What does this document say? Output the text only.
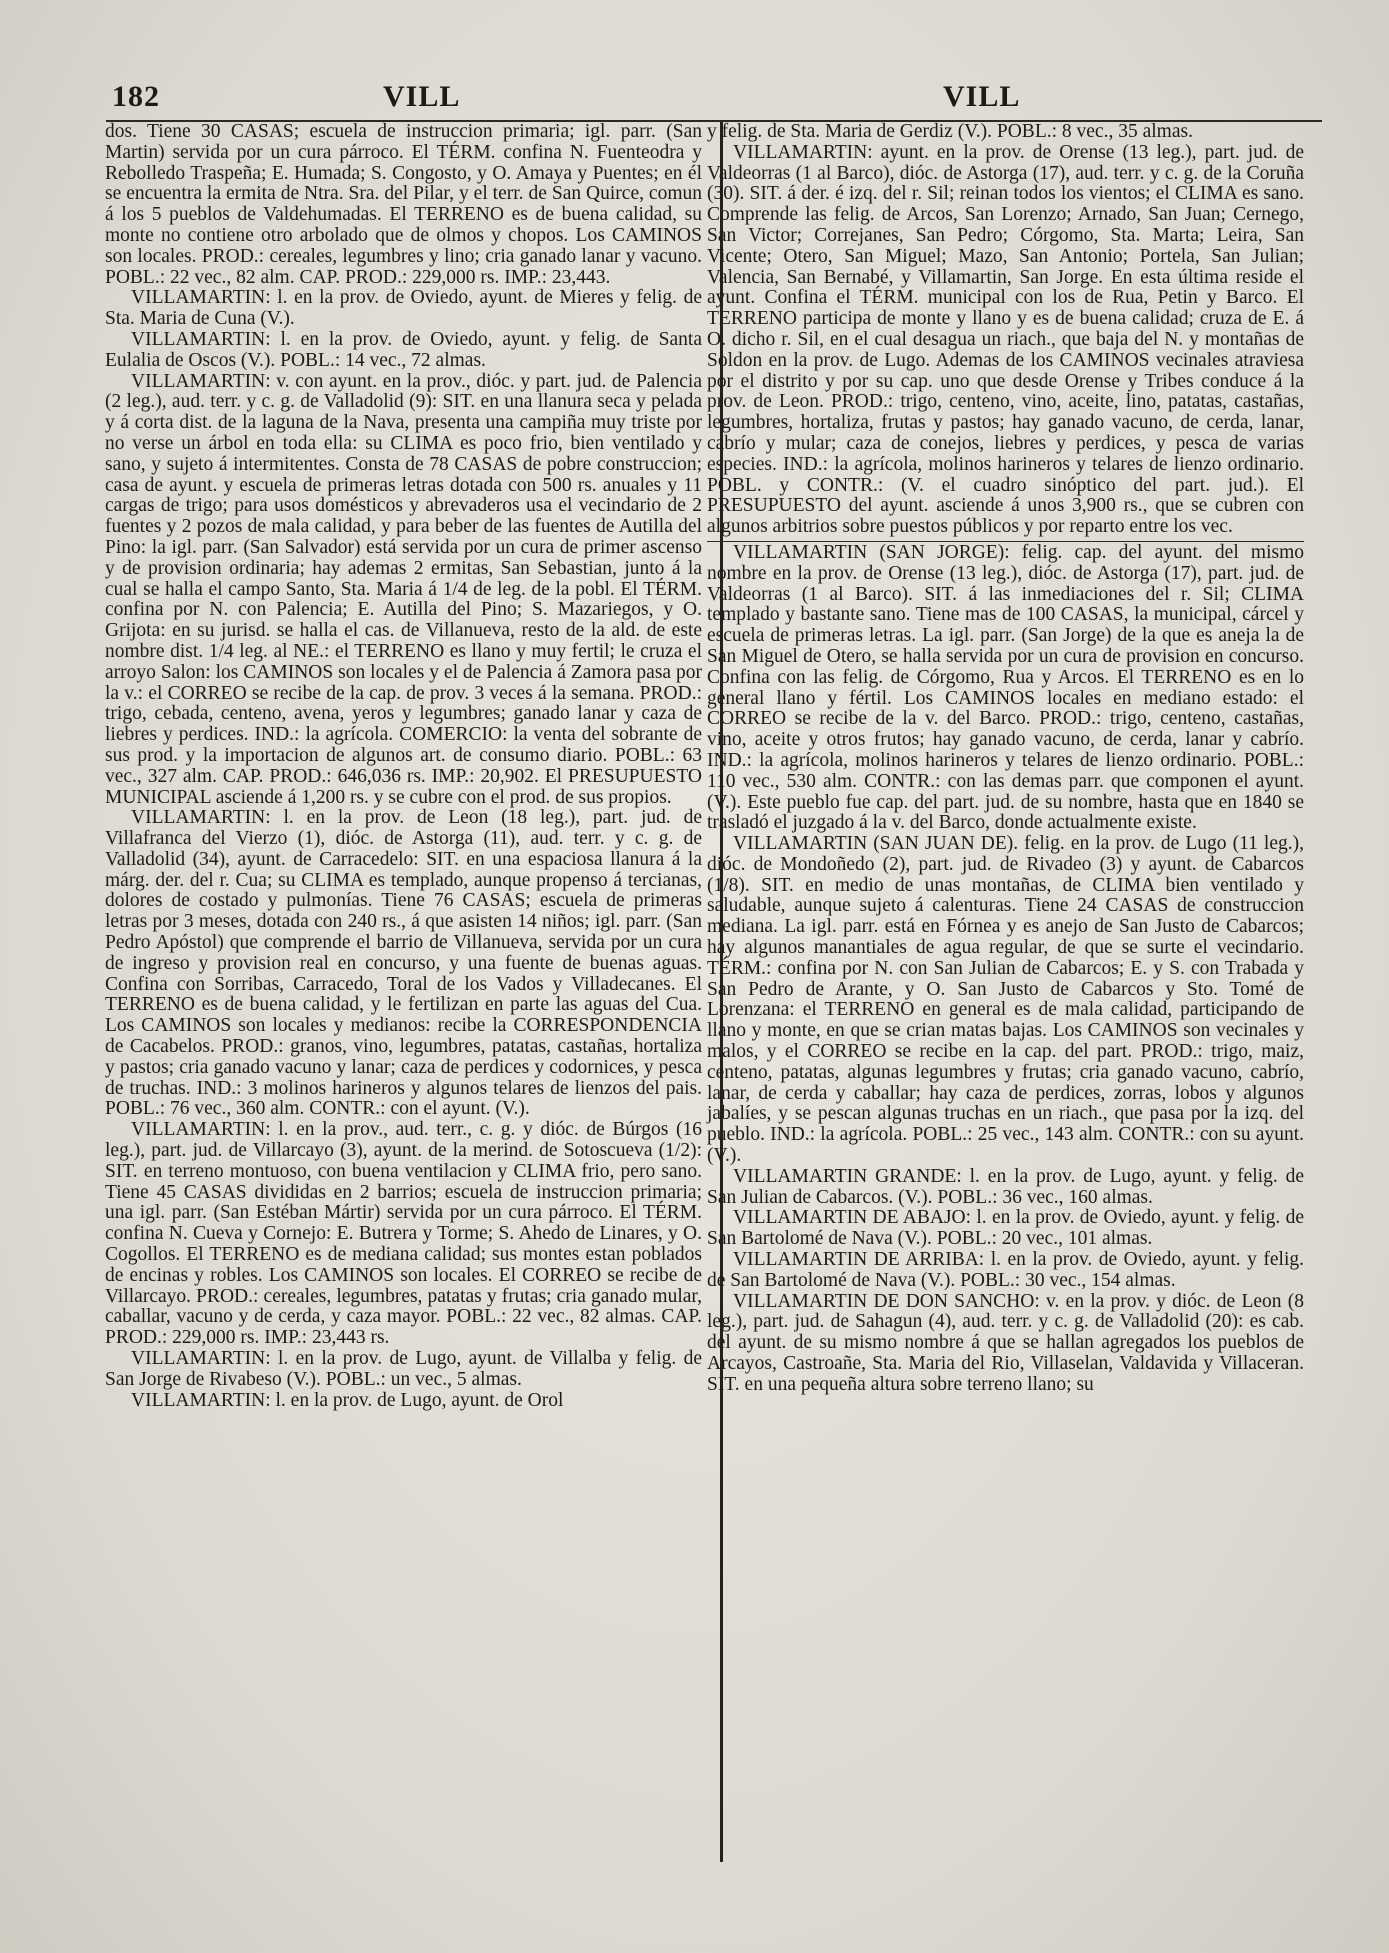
182	VILL	VILL

dos. Tiene 30 CASAS; escuela de instruccion primaria; igl. parr. (San Martin) servida por un cura párroco. El TÉRM. confina N. Fuenteodra y Rebolledo Traspeña; E. Humada; S. Congosto, y O. Amaya y Puentes; en él se encuentra la ermita de Ntra. Sra. del Pilar, y el terr. de San Quirce, comun á los 5 pueblos de Valdehumadas. El TERRENO es de buena calidad, su monte no contiene otro arbolado que de olmos y chopos. Los CAMINOS son locales. PROD.: cereales, legumbres y lino; cria ganado lanar y vacuno. POBL.: 22 vec., 82 alm. CAP. PROD.: 229,000 rs. IMP.: 23,443.

VILLAMARTIN: l. en la prov. de Oviedo, ayunt. de Mieres y felig. de Sta. Maria de Cuna (V.).

VILLAMARTIN: l. en la prov. de Oviedo, ayunt. y felig. de Santa Eulalia de Oscos (V.). POBL.: 14 vec., 72 almas.

VILLAMARTIN: v. con ayunt. en la prov., dióc. y part. jud. de Palencia (2 leg.), aud. terr. y c. g. de Valladolid (9): SIT. en una llanura seca y pelada y á corta dist. de la laguna de la Nava, presenta una campiña muy triste por no verse un árbol en toda ella: su CLIMA es poco frio, bien ventilado y sano, y sujeto á intermitentes. Consta de 78 CASAS de pobre construccion; casa de ayunt. y escuela de primeras letras dotada con 500 rs. anuales y 11 cargas de trigo; para usos domésticos y abrevaderos usa el vecindario de 2 fuentes y 2 pozos de mala calidad, y para beber de las fuentes de Autilla del Pino: la igl. parr. (San Salvador) está servida por un cura de primer ascenso y de provision ordinaria; hay ademas 2 ermitas, San Sebastian, junto á la cual se halla el campo Santo, Sta. Maria á 1/4 de leg. de la pobl. El TÉRM. confina por N. con Palencia; E. Autilla del Pino; S. Mazariegos, y O. Grijota: en su jurisd. se halla el cas. de Villanueva, resto de la ald. de este nombre dist. 1/4 leg. al NE.: el TERRENO es llano y muy fertil; le cruza el arroyo Salon: los CAMINOS son locales y el de Palencia á Zamora pasa por la v.: el CORREO se recibe de la cap. de prov. 3 veces á la semana. PROD.: trigo, cebada, centeno, avena, yeros y legumbres; ganado lanar y caza de liebres y perdices. IND.: la agrícola. COMERCIO: la venta del sobrante de sus prod. y la importacion de algunos art. de consumo diario. POBL.: 63 vec., 327 alm. CAP. PROD.: 646,036 rs. IMP.: 20,902. El PRESUPUESTO MUNICIPAL asciende á 1,200 rs. y se cubre con el prod. de sus propios.

VILLAMARTIN: l. en la prov. de Leon (18 leg.), part. jud. de Villafranca del Vierzo (1), dióc. de Astorga (11), aud. terr. y c. g. de Valladolid (34), ayunt. de Carracedelo: SIT. en una espaciosa llanura á la márg. der. del r. Cua; su CLIMA es templado, aunque propenso á tercianas, dolores de costado y pulmonías. Tiene 76 CASAS; escuela de primeras letras por 3 meses, dotada con 240 rs., á que asisten 14 niños; igl. parr. (San Pedro Apóstol) que comprende el barrio de Villanueva, servida por un cura de ingreso y provision real en concurso, y una fuente de buenas aguas. Confina con Sorribas, Carracedo, Toral de los Vados y Villadecanes. El TERRENO es de buena calidad, y le fertilizan en parte las aguas del Cua. Los CAMINOS son locales y medianos: recibe la CORRESPONDENCIA de Cacabelos. PROD.: granos, vino, legumbres, patatas, castañas, hortaliza y pastos; cria ganado vacuno y lanar; caza de perdices y codornices, y pesca de truchas. IND.: 3 molinos harineros y algunos telares de lienzos del pais. POBL.: 76 vec., 360 alm. CONTR.: con el ayunt. (V.).

VILLAMARTIN: l. en la prov., aud. terr., c. g. y dióc. de Búrgos (16 leg.), part. jud. de Villarcayo (3), ayunt. de la merind. de Sotoscueva (1/2): SIT. en terreno montuoso, con buena ventilacion y CLIMA frio, pero sano. Tiene 45 CASAS divididas en 2 barrios; escuela de instruccion primaria; una igl. parr. (San Estéban Mártir) servida por un cura párroco. El TÉRM. confina N. Cueva y Cornejo: E. Butrera y Torme; S. Ahedo de Linares, y O. Cogollos. El TERRENO es de mediana calidad; sus montes estan poblados de encinas y robles. Los CAMINOS son locales. El CORREO se recibe de Villarcayo. PROD.: cereales, legumbres, patatas y frutas; cria ganado mular, caballar, vacuno y de cerda, y caza mayor. POBL.: 22 vec., 82 almas. CAP. PROD.: 229,000 rs. IMP.: 23,443 rs.

VILLAMARTIN: l. en la prov. de Lugo, ayunt. de Villalba y felig. de San Jorge de Rivabeso (V.). POBL.: un vec., 5 almas.

VILLAMARTIN: l. en la prov. de Lugo, ayunt. de Orol

y felig. de Sta. Maria de Gerdiz (V.). POBL.: 8 vec., 35 almas.

VILLAMARTIN: ayunt. en la prov. de Orense (13 leg.), part. jud. de Valdeorras (1 al Barco), dióc. de Astorga (17), aud. terr. y c. g. de la Coruña (30). SIT. á der. é izq. del r. Sil; reinan todos los vientos; el CLIMA es sano. Comprende las felig. de Arcos, San Lorenzo; Arnado, San Juan; Cernego, San Victor; Correjanes, San Pedro; Córgomo, Sta. Marta; Leira, San Vicente; Otero, San Miguel; Mazo, San Antonio; Portela, San Julian; Valencia, San Bernabé, y Villamartin, San Jorge. En esta última reside el ayunt. Confina el TÉRM. municipal con los de Rua, Petin y Barco. El TERRENO participa de monte y llano y es de buena calidad; cruza de E. á O. dicho r. Sil, en el cual desagua un riach., que baja del N. y montañas de Soldon en la prov. de Lugo. Ademas de los CAMINOS vecinales atraviesa por el distrito y por su cap. uno que desde Orense y Tribes conduce á la prov. de Leon. PROD.: trigo, centeno, vino, aceite, lino, patatas, castañas, legumbres, hortaliza, frutas y pastos; hay ganado vacuno, de cerda, lanar, cabrío y mular; caza de conejos, liebres y perdices, y pesca de varias especies. IND.: la agrícola, molinos harineros y telares de lienzo ordinario. POBL. y CONTR.: (V. el cuadro sinóptico del part. jud.). El PRESUPUESTO del ayunt. asciende á unos 3,900 rs., que se cubren con algunos arbitrios sobre puestos públicos y por reparto entre los vec.

VILLAMARTIN (SAN JORGE): felig. cap. del ayunt. del mismo nombre en la prov. de Orense (13 leg.), dióc. de Astorga (17), part. jud. de Valdeorras (1 al Barco). SIT. á las inmediaciones del r. Sil; CLIMA templado y bastante sano. Tiene mas de 100 CASAS, la municipal, cárcel y escuela de primeras letras. La igl. parr. (San Jorge) de la que es aneja la de San Miguel de Otero, se halla servida por un cura de provision en concurso. Confina con las felig. de Córgomo, Rua y Arcos. El TERRENO es en lo general llano y fértil. Los CAMINOS locales en mediano estado: el CORREO se recibe de la v. del Barco. PROD.: trigo, centeno, castañas, vino, aceite y otros frutos; hay ganado vacuno, de cerda, lanar y cabrío. IND.: la agrícola, molinos harineros y telares de lienzo ordinario. POBL.: 110 vec., 530 alm. CONTR.: con las demas parr. que componen el ayunt. (V.). Este pueblo fue cap. del part. jud. de su nombre, hasta que en 1840 se trasladó el juzgado á la v. del Barco, donde actualmente existe.

VILLAMARTIN (SAN JUAN DE). felig. en la prov. de Lugo (11 leg.), dióc. de Mondoñedo (2), part. jud. de Rivadeo (3) y ayunt. de Cabarcos (1/8). SIT. en medio de unas montañas, de CLIMA bien ventilado y saludable, aunque sujeto á calenturas. Tiene 24 CASAS de construccion mediana. La igl. parr. está en Fórnea y es anejo de San Justo de Cabarcos; hay algunos manantiales de agua regular, de que se surte el vecindario. TÉRM.: confina por N. con San Julian de Cabarcos; E. y S. con Trabada y San Pedro de Arante, y O. San Justo de Cabarcos y Sto. Tomé de Lorenzana: el TERRENO en general es de mala calidad, participando de llano y monte, en que se crian matas bajas. Los CAMINOS son vecinales y malos, y el CORREO se recibe en la cap. del part. PROD.: trigo, maiz, centeno, patatas, algunas legumbres y frutas; cria ganado vacuno, cabrío, lanar, de cerda y caballar; hay caza de perdices, zorras, lobos y algunos jabalíes, y se pescan algunas truchas en un riach., que pasa por la izq. del pueblo. IND.: la agrícola. POBL.: 25 vec., 143 alm. CONTR.: con su ayunt. (V.).

VILLAMARTIN GRANDE: l. en la prov. de Lugo, ayunt. y felig. de San Julian de Cabarcos. (V.). POBL.: 36 vec., 160 almas.

VILLAMARTIN DE ABAJO: l. en la prov. de Oviedo, ayunt. y felig. de San Bartolomé de Nava (V.). POBL.: 20 vec., 101 almas.

VILLAMARTIN DE ARRIBA: l. en la prov. de Oviedo, ayunt. y felig. de San Bartolomé de Nava (V.). POBL.: 30 vec., 154 almas.

VILLAMARTIN DE DON SANCHO: v. en la prov. y dióc. de Leon (8 leg.), part. jud. de Sahagun (4), aud. terr. y c. g. de Valladolid (20): es cab. del ayunt. de su mismo nombre á que se hallan agregados los pueblos de Arcayos, Castroañe, Sta. Maria del Rio, Villaselan, Valdavida y Villaceran. SIT. en una pequeña altura sobre terreno llano; su
